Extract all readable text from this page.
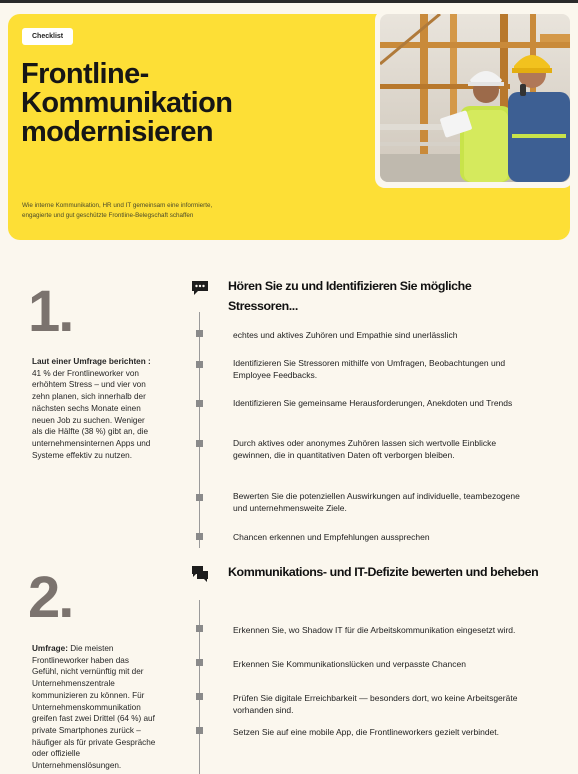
Checklist
Frontline-
Kommunikation
modernisieren
Wie interne Kommunikation, HR und IT gemeinsam eine informierte,
engagierte und gut geschützte Frontline-Belegschaft schaffen
1.
Laut einer Umfrage berichten :
41 % der Frontlineworker von erhöhtem Stress – und vier von zehn planen, sich innerhalb der nächsten sechs Monate einen neuen Job zu suchen. Weniger als die Hälfte (38 %) gibt an, die unternehmensinternen Apps und Systeme effektiv zu nutzen.
Hören Sie zu und Identifizieren Sie mögliche
Stressoren...
echtes und aktives Zuhören und Empathie sind unerlässlich
Identifizieren Sie Stressoren mithilfe von Umfragen, Beobachtungen und Employee Feedbacks.
Identifizieren Sie gemeinsame Herausforderungen, Anekdoten und Trends
Durch aktives oder anonymes Zuhören lassen sich wertvolle Einblicke gewinnen, die in quantitativen Daten oft verborgen bleiben.
Bewerten Sie die potenziellen Auswirkungen auf individuelle, teambezogene und unternehmensweite Ziele.
Chancen erkennen und Empfehlungen aussprechen
2.
Umfrage: Die meisten Frontlineworker haben das Gefühl, nicht vernünftig mit der Unternehmenszentrale kommunizieren zu können. Für Unternehmenskommunikation greifen fast zwei Drittel (64 %) auf private Smartphones zurück – häufiger als für private Gespräche oder offizielle Unternehmenslösungen.
Kommunikations- und IT-Defizite bewerten und beheben
Erkennen Sie, wo Shadow IT für die Arbeitskommunikation eingesetzt wird.
Erkennen Sie Kommunikationslücken und verpasste Chancen
Prüfen Sie digitale Erreichbarkeit — besonders dort, wo keine Arbeitsgeräte vorhanden sind.
Setzen Sie auf eine mobile App, die Frontlineworkers gezielt verbindet.
